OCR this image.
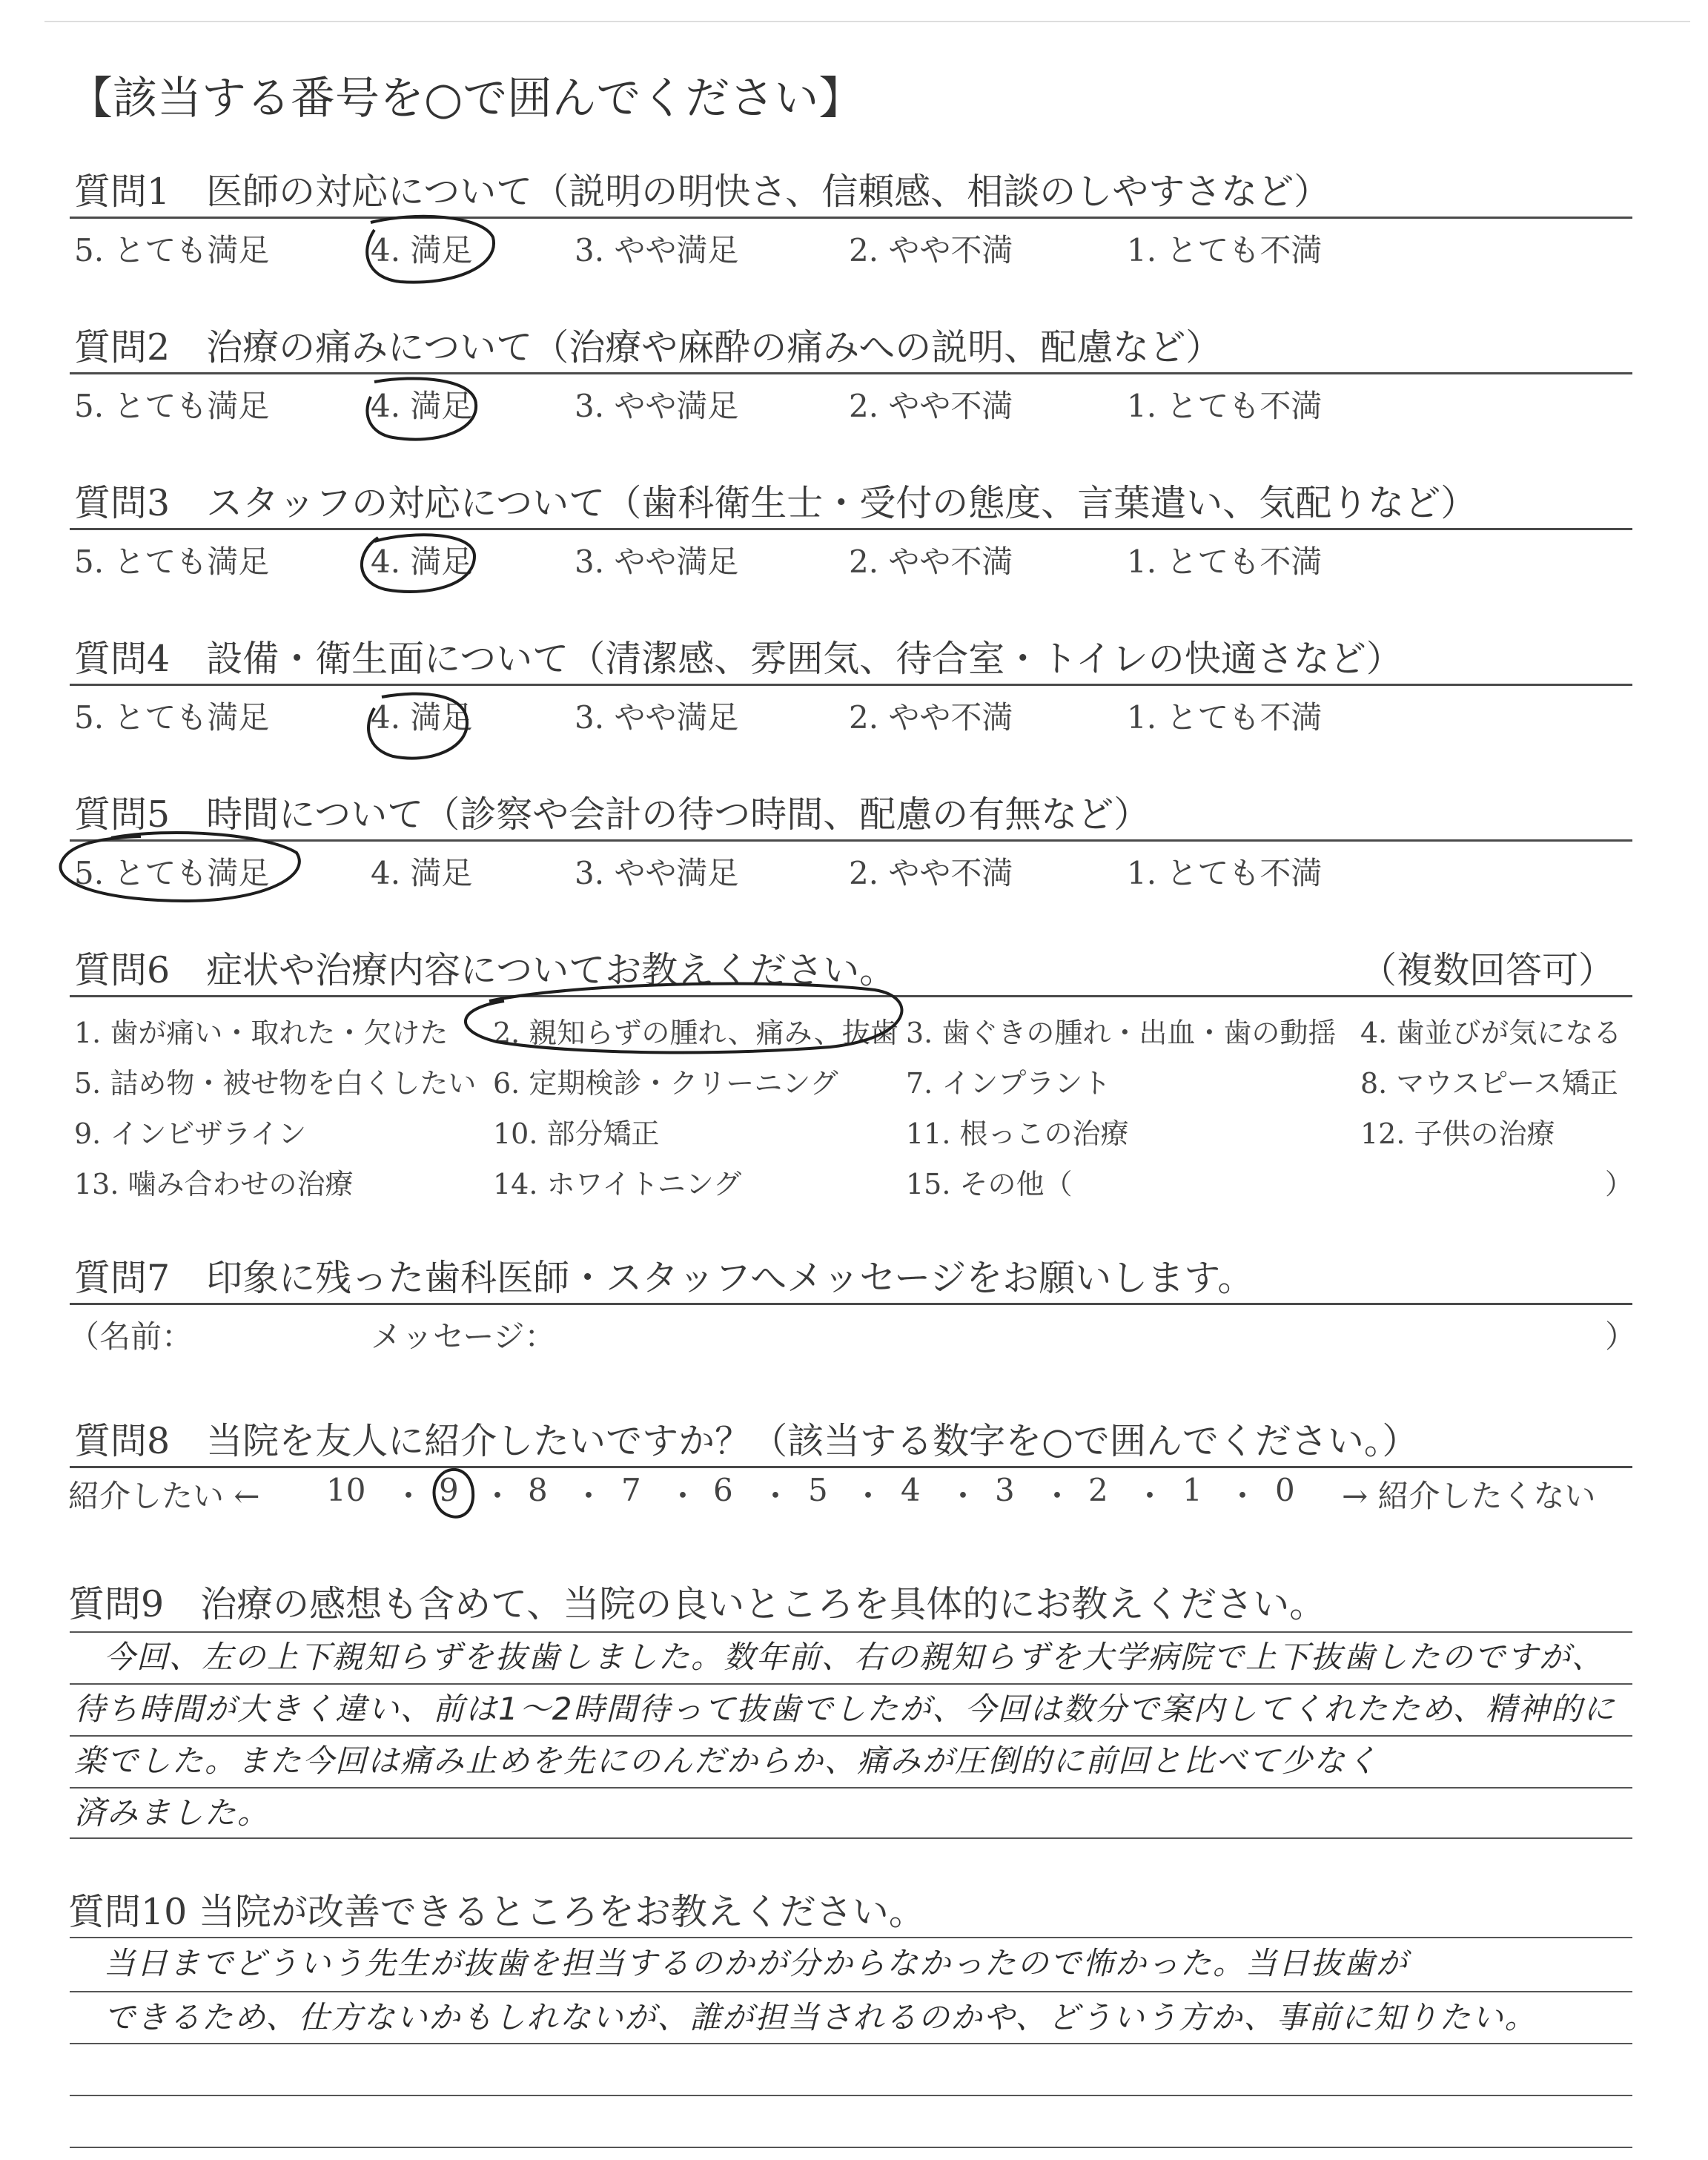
【該当する番号を○で囲んでください】
質問1　医師の対応について（説明の明快さ、信頼感、相談のしやすさなど）
5. とても満足	4. 満足	3. やや満足	2. やや不満	1. とても不満
質問2　治療の痛みについて（治療や麻酔の痛みへの説明、配慮など）
5. とても満足	4. 満足	3. やや満足	2. やや不満	1. とても不満
質問3　スタッフの対応について（歯科衛生士・受付の態度、言葉遣い、気配りなど）
5. とても満足	4. 満足	3. やや満足	2. やや不満	1. とても不満
質問4　設備・衛生面について（清潔感、雰囲気、待合室・トイレの快適さなど）
5. とても満足	4. 満足	3. やや満足	2. やや不満	1. とても不満
質問5　時間について（診察や会計の待つ時間、配慮の有無など）
5. とても満足	4. 満足	3. やや満足	2. やや不満	1. とても不満
質問6　症状や治療内容についてお教えください。	（複数回答可）
1. 歯が痛い・取れた・欠けた 2. 親知らずの腫れ、痛み、抜歯 3. 歯ぐきの腫れ・出血・歯の動揺 4. 歯並びが気になる
5. 詰め物・被せ物を白くしたい 6. 定期検診・クリーニング 7. インプラント	8. マウスピース矯正
9. インビザライン	10. 部分矯正	11. 根っこの治療	12. 子供の治療
13. 噛み合わせの治療	14. ホワイトニング	15. その他（	）
質問7　印象に残った歯科医師・スタッフへメッセージをお願いします。
（名前：	メッセージ：	）
質問8　当院を友人に紹介したいですか？（該当する数字を○で囲んでください。）
紹介したい ← 10 ・ 9 ・ 8 ・ 7 ・ 6 ・ 5 ・ 4 ・ 3 ・ 2 ・ 1 ・ 0 → 紹介したくない
質問9　治療の感想も含めて、当院の良いところを具体的にお教えください。
今回、左の上下親知らずを抜歯しました。数年前、右の親知らずを大学病院で上下抜歯したのですが、
待ち時間が大きく違い、前は1〜2時間待って抜歯でしたが、今回は数分で案内してくれたため、精神的に
楽でした。また今回は痛み止めを先にのんだからか、痛みが圧倒的に前回と比べて少なく
済みました。
質問10 当院が改善できるところをお教えください。
当日までどういう先生が抜歯を担当するのかが分からなかったので怖かった。当日抜歯が
できるため、仕方ないかもしれないが、誰が担当されるのかや、どういう方か、事前に知りたい。
